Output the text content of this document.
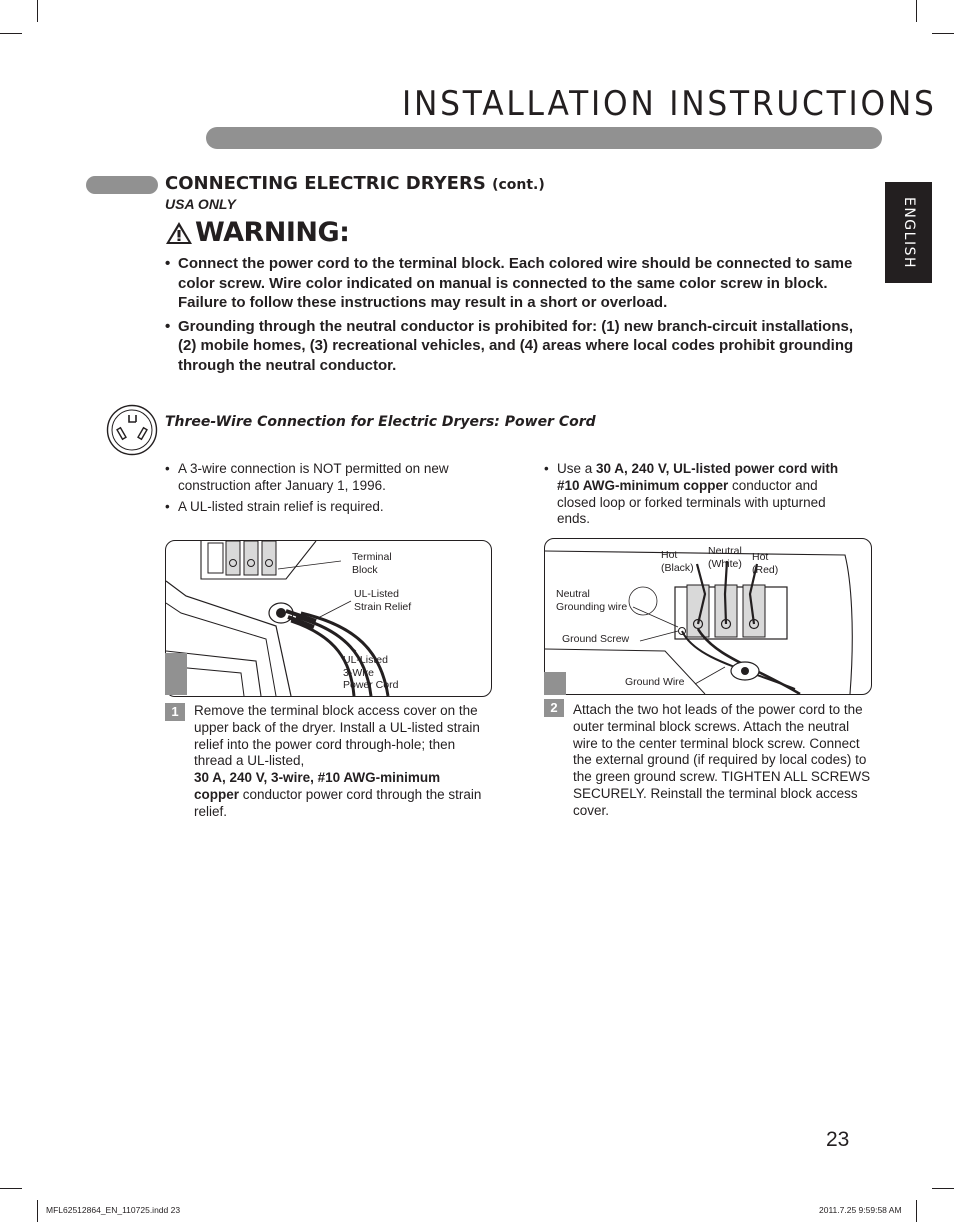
INSTALLATION INSTRUCTIONS
ENGLISH
CONNECTING ELECTRIC DRYERS (cont.)
USA ONLY
WARNING:
• Connect the power cord to the terminal block. Each colored wire should be connected to same color screw. Wire color indicated on manual is connected to the same color screw in block. Failure to follow these instructions may result in a short or overload.
• Grounding through the neutral conductor is prohibited for: (1) new branch-circuit installations, (2) mobile homes, (3) recreational vehicles, and (4) areas where local codes prohibit grounding through the neutral conductor.
Three-Wire Connection for Electric Dryers: Power Cord
• A 3-wire connection is NOT permitted on new construction after January 1, 1996.
• A UL-listed strain relief is required.
• Use a 30 A, 240 V, UL-listed power cord with #10 AWG-minimum copper conductor and closed loop or forked terminals with upturned ends.
Terminal
Block
UL-Listed
Strain Relief
UL-Listed
3-Wire
Power Cord
Hot
(Black)
Neutral
(White)
Hot
(Red)
Neutral
Grounding wire
Ground Screw
Ground Wire
1	Remove the terminal block access cover on the upper back of the dryer. Install a UL-listed strain relief into the power cord through-hole; then thread a UL-listed,
30 A, 240 V, 3-wire, #10 AWG-minimum copper conductor power cord through the strain relief.
2	Attach the two hot leads of the power cord to the outer terminal block screws. Attach the neutral wire to the center terminal block screw. Connect the external ground (if required by local codes) to the green ground screw. TIGHTEN ALL SCREWS SECURELY. Reinstall the terminal block access cover.
23
MFL62512864_EN_110725.indd 23	2011.7.25 9:59:58 AM
